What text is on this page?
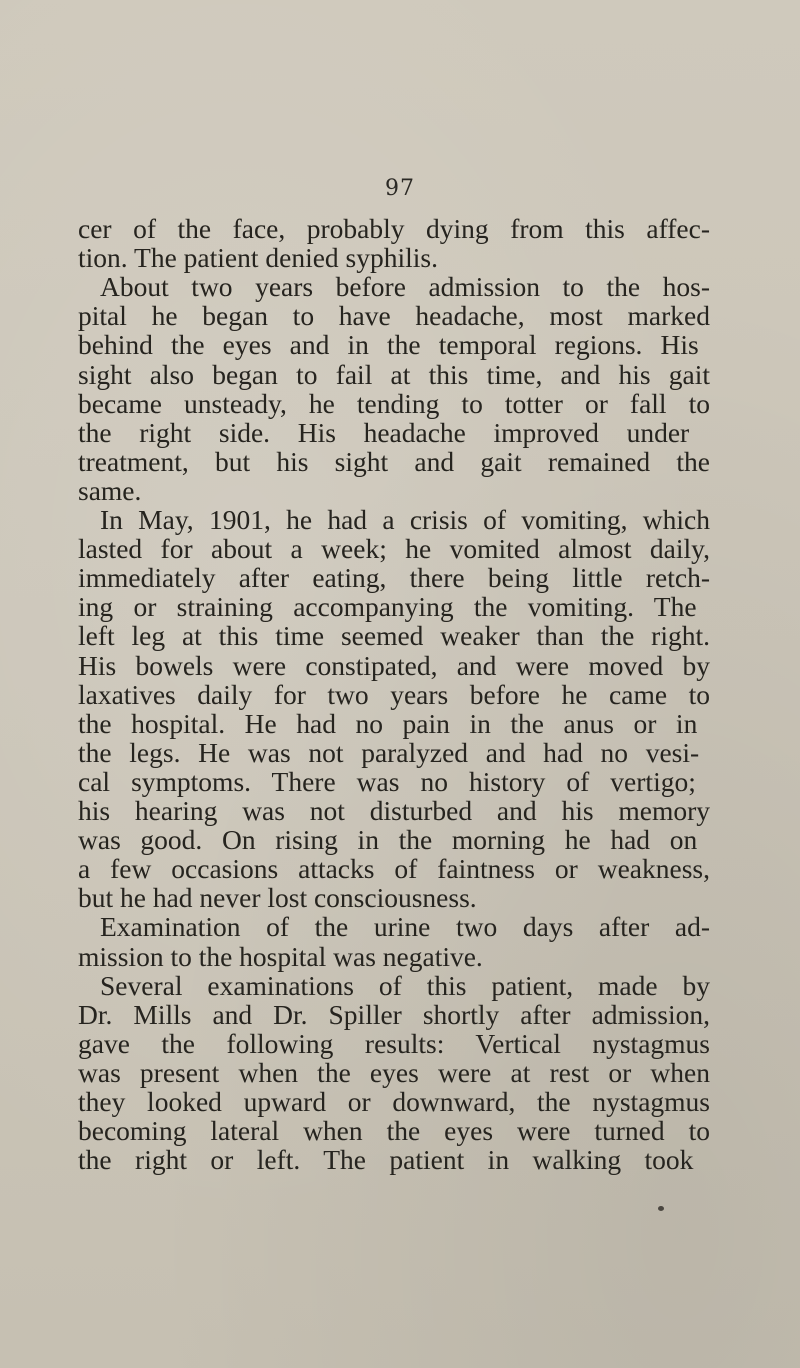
97
cer of the face, probably dying from this affec-
tion. The patient denied syphilis.
About two years before admission to the hos-
pital he began to have headache, most marked
behind the eyes and in the temporal regions. His
sight also began to fail at this time, and his gait
became unsteady, he tending to totter or fall to
the right side. His headache improved under
treatment, but his sight and gait remained the
same.
In May, 1901, he had a crisis of vomiting, which
lasted for about a week; he vomited almost daily,
immediately after eating, there being little retch-
ing or straining accompanying the vomiting. The
left leg at this time seemed weaker than the right.
His bowels were constipated, and were moved by
laxatives daily for two years before he came to
the hospital. He had no pain in the anus or in
the legs. He was not paralyzed and had no vesi-
cal symptoms. There was no history of vertigo;
his hearing was not disturbed and his memory
was good. On rising in the morning he had on
a few occasions attacks of faintness or weakness,
but he had never lost consciousness.
Examination of the urine two days after ad-
mission to the hospital was negative.
Several examinations of this patient, made by
Dr. Mills and Dr. Spiller shortly after admission,
gave the following results: Vertical nystagmus
was present when the eyes were at rest or when
they looked upward or downward, the nystagmus
becoming lateral when the eyes were turned to
the right or left. The patient in walking took
